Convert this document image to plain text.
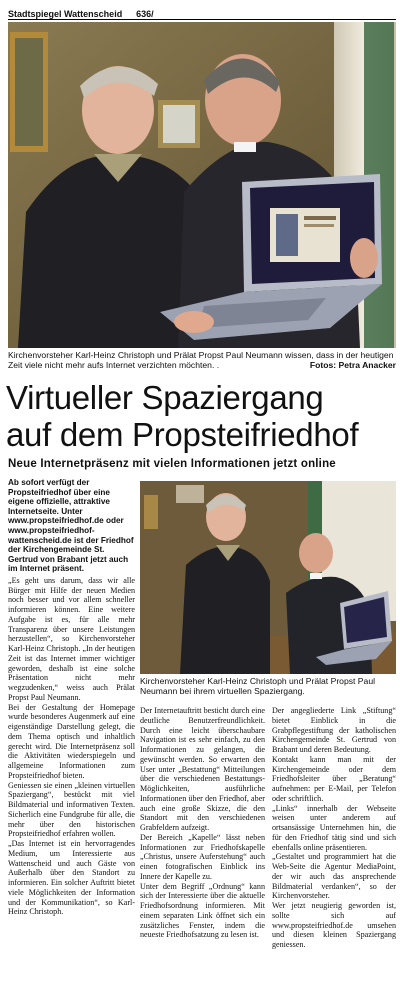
Stadtspiegel Wattenscheid 636/
Kirchenvorsteher Karl-Heinz Christoph und Prälat Propst Paul Neumann wissen, dass in der heutigen Zeit viele nicht mehr aufs Internet verzichten möchten. .	Fotos: Petra Anacker
Virtueller Spaziergang
auf dem Propsteifriedhof
Neue Internetpräsenz mit vielen Informationen jetzt online

Ab sofort verfügt der Propsteifriedhof über eine eigene offizielle, attraktive Internetseite. Unter www.propsteifriedhof.de oder www.propsteifriedhof-wattenscheid.de ist der Friedhof der Kirchengemeinde St. Gertrud von Brabant jetzt auch im Internet präsent.

„Es geht uns darum, dass wir alle Bürger mit Hilfe der neuen Medien noch besser und vor allem schneller informieren können. Eine weitere Aufgabe ist es, für alle mehr Transparenz über unsere Leistungen herzustellen“, so Kirchenvorsteher Karl-Heinz Christoph. „In der heutigen Zeit ist das Internet immer wichtiger geworden, deshalb ist eine solche Präsentation nicht mehr wegzudenken,“ weiss auch Prälat Propst Paul Neumann.

Bei der Gestaltung der Homepage wurde besonderes Augenmerk auf eine eigenständige Darstellung gelegt, die dem Thema optisch und inhaltlich gerecht wird. Die Internetpräsenz soll die Aktivitäten wiederspiegeln und allgemeine Informationen zum Propsteifriedhof bieten.

Geniessen sie einen „kleinen virtuellen Spaziergang“, bestückt mit viel Bildmaterial und informativen Texten. Sicherlich eine Fundgrube für alle, die mehr über den historischen Propsteifriedhof erfahren wollen.

„Das Internet ist ein hervorragendes Medium, um Interessierte aus Wattenscheid und auch Gäste von Außerhalb über den Standort zu informieren. Ein solcher Auftritt bietet viele Möglichkeiten der Information und der Kommunikation“, so Karl-Heinz Christoph.

Kirchenvorsteher Karl-Heinz Christoph und Prälat Propst Paul Neumann bei ihrem virtuellen Spaziergang.

Der Internetauftritt besticht durch eine deutliche Benutzerfreundlichkeit. Durch eine leicht überschaubare Navigation ist es sehr einfach, zu den Informationen zu gelangen, die gewünscht werden. So erwarten den User unter „Bestattung“ Mitteilungen über die verschiedenen Bestattungs-Möglichkeiten, ausführliche Informationen über den Friedhof, aber auch eine große Skizze, die den Standort mit den verschiedenen Grabfeldern aufzeigt.

Der Bereich „Kapelle“ lässt neben Informationen zur Friedhofskapelle „Christus, unsere Auferstehung“ auch einen fotografischen Einblick ins Innere der Kapelle zu.

Unter dem Begriff „Ordnung“ kann sich der Interessierte über die aktuelle Friedhofsordnung informieren. Mit einem separaten Link öffnet sich ein zusätzliches Fenster, indem die neueste Friedhofsatzung zu lesen ist.

Der angegliederte Link „Stiftung“ bietet Einblick in die Grabpflegestiftung der katholischen Kirchengemeinde St. Gertrud von Brabant und deren Bedeutung.

Kontakt kann man mit der Kirchengemeinde oder dem Friedhofsleiter über „Beratung“ aufnehmen: per E-Mail, per Telefon oder schriftlich.

„Links“ innerhalb der Webseite weisen unter anderem auf ortsansässige Unternehmen hin, die für den Friedhof tätig sind und sich ebenfalls online präsentieren.

„Gestaltet und programmiert hat die Web-Seite die Agentur MediaPoint, der wir auch das ansprechende Bildmaterial verdanken“, so der Kirchenvorsteher.

Wer jetzt neugierig geworden ist, sollte sich auf www.propsteifriedhof.de umsehen und diesen kleinen Spaziergang geniessen.
